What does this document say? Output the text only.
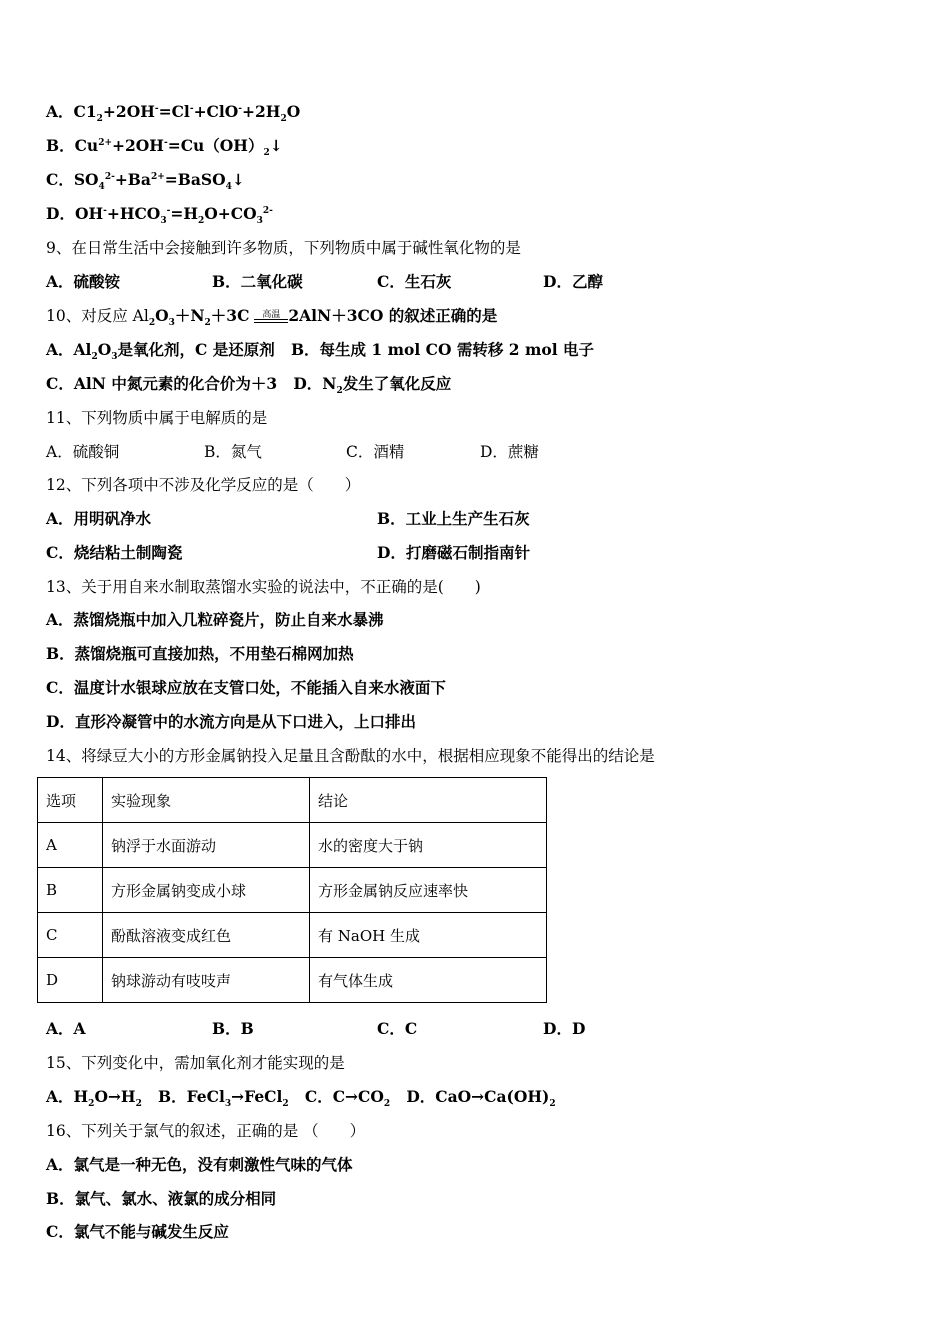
A．$C1_2+2OH^-=Cl^-+ClO^-+2H_2O$
B．$Cu^{2+}+2OH^-=Cu(OH)_2↓$
C．$SO_4^{2-}+Ba^{2+}=BaSO_4↓$
D．$OH^-+HCO_3^-=H_2O+CO_3^{2-}$
9、在日常生活中会接触到许多物质，下列物质中属于碱性氧化物的是
A．硫酸铵	B．二氧化碳	C．生石灰	D．乙醇
10、对反应 $Al_2O_3+N_2+3C$	高温 2AlN＋3CO 的叙述正确的是
A．$Al_2O_3$是氧化剂，C 是还原剂 B．每生成 1 mol CO 需转移 2 mol 电子
C．AlN 中氮元素的化合价为＋3 D．$N_2$发生了氧化反应
11、下列物质中属于电解质的是
A．硫酸铜	B．氮气	C．酒精	D．蔗糖
12、下列各项中不涉及化学反应的是（　　）
A．用明矾净水	B．工业上生产生石灰
C．烧结粘土制陶瓷	D．打磨磁石制指南针
13、关于用自来水制取蒸馏水实验的说法中，不正确的是(　　)
A．蒸馏烧瓶中加入几粒碎瓷片，防止自来水暴沸
B．蒸馏烧瓶可直接加热，不用垫石棉网加热
C．温度计水银球应放在支管口处，不能插入自来水液面下
D．直形冷凝管中的水流方向是从下口进入，上口排出
14、将绿豆大小的方形金属钠投入足量且含酚酞的水中，根据相应现象不能得出的结论是
选项	实验现象	结论
A	钠浮于水面游动	水的密度大于钠
B	方形金属钠变成小球	方形金属钠反应速率快
C	酚酞溶液变成红色	有 NaOH 生成
D	钠球游动有吱吱声	有气体生成
A．A	B．B	C．C	D．D
15、下列变化中，需加氧化剂才能实现的是
A．$H_2O\to H_2$ B．FeCl$_3$→FeCl$_2$ C．$C\to CO_2$ D．$CaO\to Ca(OH)_2$
16、下列关于氯气的叙述，正确的是 （　　）
A．氯气是一种无色，没有刺激性气味的气体
B．氯气、氯水、液氯的成分相同
C．氯气不能与碱发生反应
